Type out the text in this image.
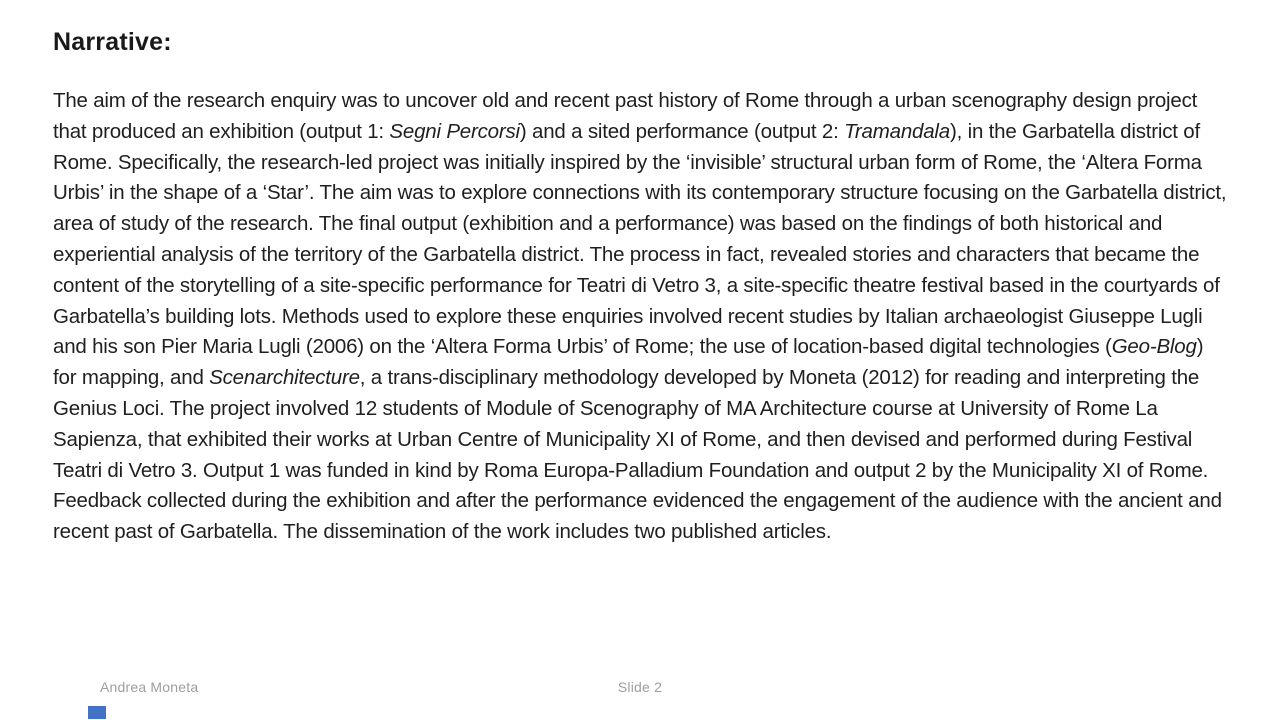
Narrative:

The aim of the research enquiry was to uncover old and recent past history of Rome through a urban scenography design project that produced an exhibition (output 1: Segni Percorsi) and a sited performance (output 2: Tramandala), in the Garbatella district of Rome. Specifically, the research-led project was initially inspired by the ‘invisible’ structural urban form of Rome, the ‘Altera Forma Urbis’ in the shape of a ‘Star’. The aim was to explore connections with its contemporary structure focusing on the Garbatella district, area of study of the research. The final output (exhibition and a performance) was based on the findings of both historical and experiential analysis of the territory of the Garbatella district. The process in fact, revealed stories and characters that became the content of the storytelling of a site-specific performance for Teatri di Vetro 3, a site-specific theatre festival based in the courtyards of Garbatella’s building lots. Methods used to explore these enquiries involved recent studies by Italian archaeologist Giuseppe Lugli and his son Pier Maria Lugli (2006) on the ‘Altera Forma Urbis’ of Rome; the use of location-based digital technologies (Geo-Blog) for mapping, and Scenarchitecture, a trans-disciplinary methodology developed by Moneta (2012) for reading and interpreting the Genius Loci. The project involved 12 students of Module of Scenography of MA Architecture course at University of Rome La Sapienza, that exhibited their works at Urban Centre of Municipality XI of Rome, and then devised and performed during Festival Teatri di Vetro 3. Output 1 was funded in kind by Roma Europa-Palladium Foundation and output 2 by the Municipality XI of Rome. Feedback collected during the exhibition and after the performance evidenced the engagement of the audience with the ancient and recent past of Garbatella. The dissemination of the work includes two published articles.

Andrea Moneta	Slide 2
